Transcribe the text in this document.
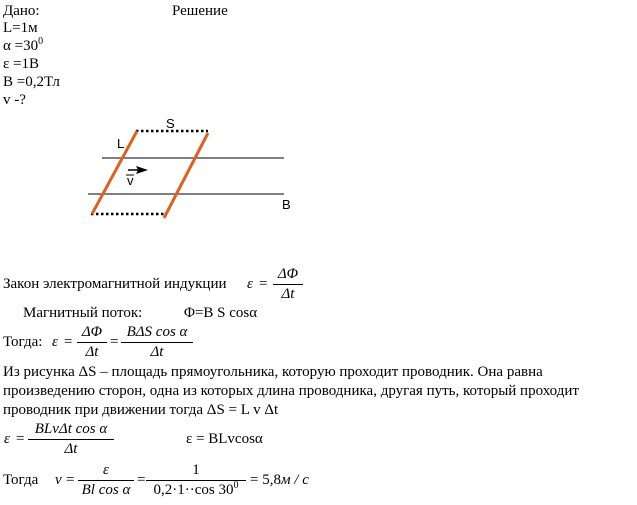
Дано:	Решение
L=1м
$\alpha =30^0$
ε =1В
В =0,2Тл
v -?
L
S
v
B
Закон электромагнитной индукции ε =
ΔΦ
Δt
Магнитный поток:	Φ=B S cosα
Тогда: ε =
ΔΦ
Δt
=
BΔS cos α
Δt
Из рисунка ΔS – площадь прямоугольника, которую проходит проводник. Она равна
произведению сторон, одна из которых длина проводника, другая путь, который проходит
проводник при движении тогда ΔS = L v Δt
ε =
BLvΔt cos α
Δt
ε = BLvcosα
Тогда v =
ε
Bl cos α
=
1
0,2·1··cos $30^0 = 5,8м / с$
